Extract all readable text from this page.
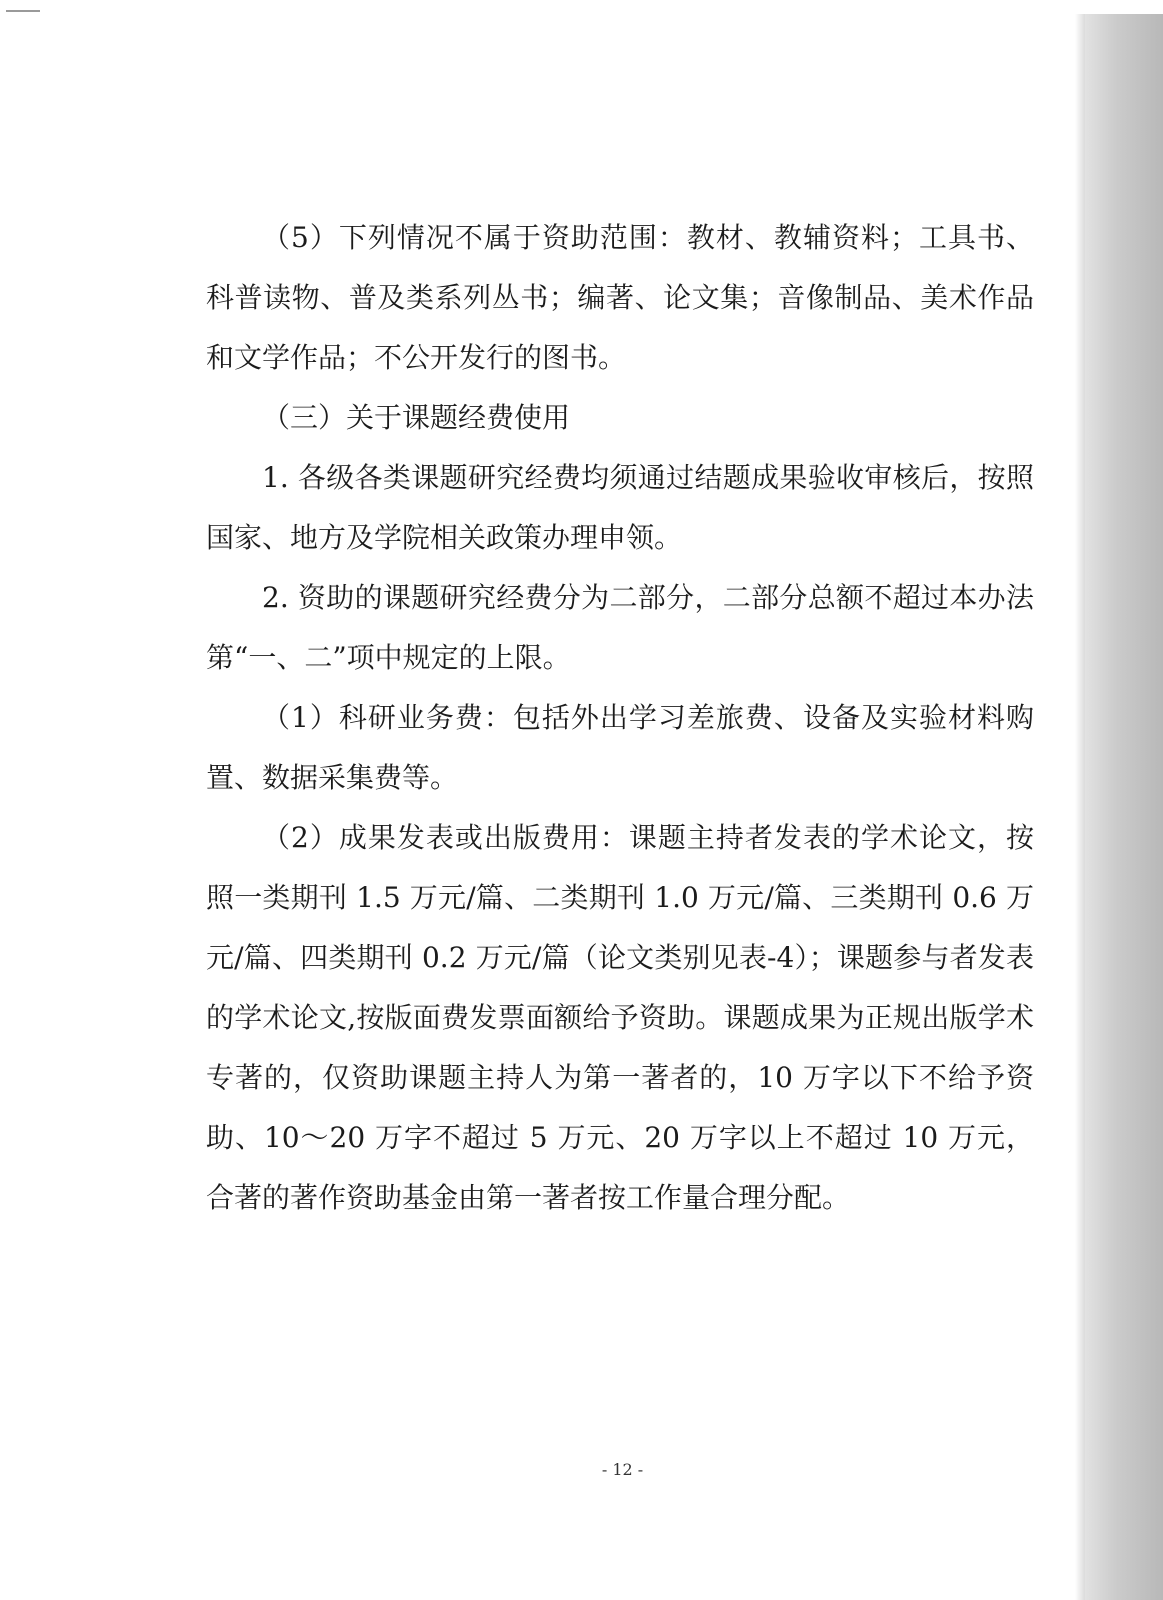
（5）下列情况不属于资助范围：教材、教辅资料；工具书、科普读物、普及类系列丛书；编著、论文集；音像制品、美术作品和文学作品；不公开发行的图书。

（三）关于课题经费使用

1. 各级各类课题研究经费均须通过结题成果验收审核后，按照国家、地方及学院相关政策办理申领。

2. 资助的课题研究经费分为二部分，二部分总额不超过本办法第“一、二”项中规定的上限。

（1）科研业务费：包括外出学习差旅费、设备及实验材料购置、数据采集费等。

（2）成果发表或出版费用：课题主持者发表的学术论文，按照一类期刊 1.5 万元/篇、二类期刊 1.0 万元/篇、三类期刊 0.6 万元/篇、四类期刊 0.2 万元/篇（论文类别见表-4）；课题参与者发表的学术论文,按版面费发票面额给予资助。课题成果为正规出版学术专著的，仅资助课题主持人为第一著者的，10 万字以下不给予资助、10～20 万字不超过 5 万元、20 万字以上不超过 10 万元，合著的著作资助基金由第一著者按工作量合理分配。

- 12 -
